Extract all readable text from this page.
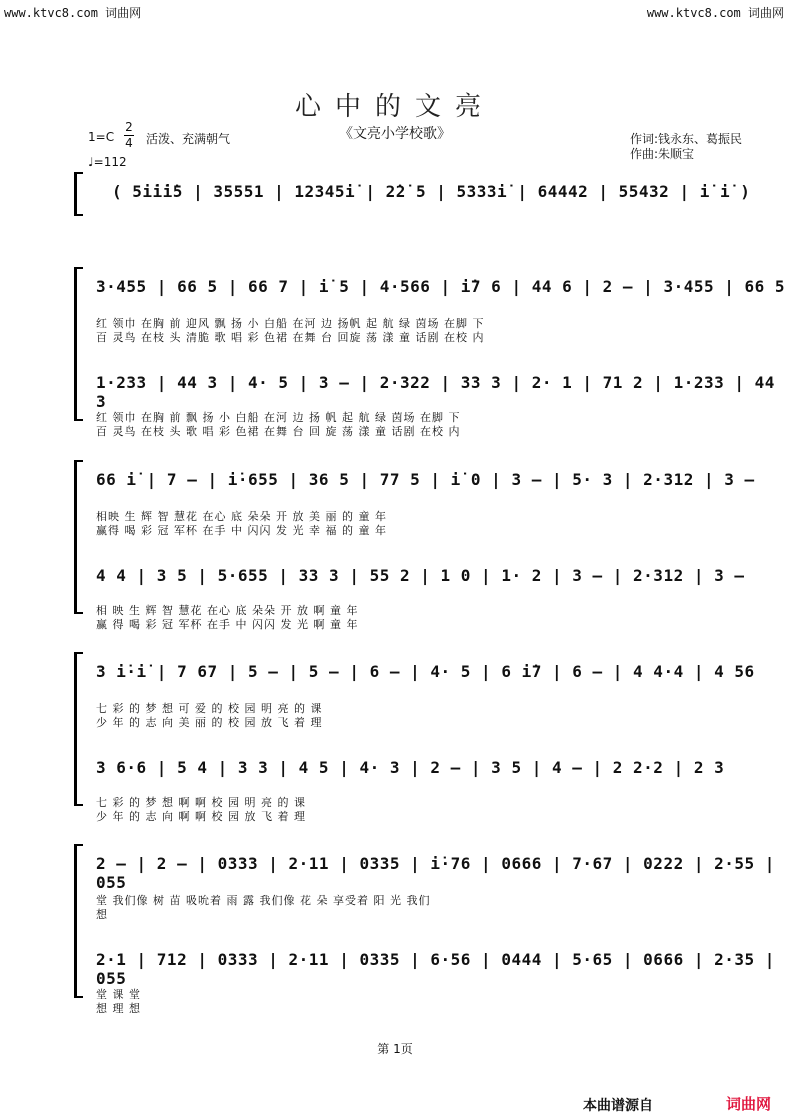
www.ktvc8.com 词曲网	www.ktvc8.com 词曲网
心中的文亮
《文亮小学校歌》
1=C
2
4 活泼、充满朝气
♩=112
作词:钱永东、葛振民
作曲:朱顺宝
( 5i̇i̇i̇5 | 35551 | 12345i̇ | 2̇2̇ 5 | 5333i̇ | 64442 | 55432 | i̇ i̇ )
3·455 | 66 5 | 66 7 | i̇ 5 | 4·566 | i̇7 6 | 44 6 | 2 – | 3·455 | 66 5
红 领巾 在胸 前 迎风 飘 扬 小 白船 在河 边 扬帆 起 航 绿 茵场 在脚 下
百 灵鸟 在枝 头 清脆 歌 唱 彩 色裙 在舞 台 回旋 荡 漾 童 话剧 在校 内
1·233 | 44 3 | 4· 5 | 3 – | 2·322 | 33 3 | 2· 1 | 71 2 | 1·233 | 44 3
红 领巾 在胸 前 飘 扬 小 白船 在河 边 扬 帆 起 航 绿 茵场 在脚 下
百 灵鸟 在枝 头 歌 唱 彩 色裙 在舞 台 回 旋 荡 漾 童 话剧 在校 内
66 i̇ | 7 – | i̇·655 | 36 5 | 77 5 | i̇ 0 | 3 – | 5· 3 | 2·312 | 3 –
相映 生 辉 智 慧花 在心 底 朵朵 开 放 美 丽 的 童 年
赢得 喝 彩 冠 军杯 在手 中 闪闪 发 光 幸 福 的 童 年
4 4 | 3 5 | 5·655 | 33 3 | 55 2 | 1 0 | 1· 2 | 3 – | 2·312 | 3 –
相 映 生 辉 智 慧花 在心 底 朵朵 开 放 啊 童 年
赢 得 喝 彩 冠 军杯 在手 中 闪闪 发 光 啊 童 年
3 i̇·i̇ | 7 67 | 5 – | 5 – | 6 – | 4· 5 | 6 i̇7 | 6 – | 4 4·4 | 4 56
七 彩 的 梦 想 可 爱 的 校 园 明 亮 的 课
少 年 的 志 向 美 丽 的 校 园 放 飞 着 理
3 6·6 | 5 4 | 3 3 | 4 5 | 4· 3 | 2 – | 3 5 | 4 – | 2 2·2 | 2 3
七 彩 的 梦 想 啊 啊 校 园 明 亮 的 课
少 年 的 志 向 啊 啊 校 园 放 飞 着 理
2 – | 2 – | 0333 | 2·11 | 0335 | i̇·76 | 0666 | 7·67 | 0222 | 2·55 | 055
堂 我们像 树 苗 吸吮着 雨 露 我们像 花 朵 享受着 阳 光 我们
想
2·1 | 712 | 0333 | 2·11 | 0335 | 6·56 | 0444 | 5·65 | 0666 | 2·35 | 055
堂 课 堂
想 理 想
第 1页
本曲谱源自	词曲网
